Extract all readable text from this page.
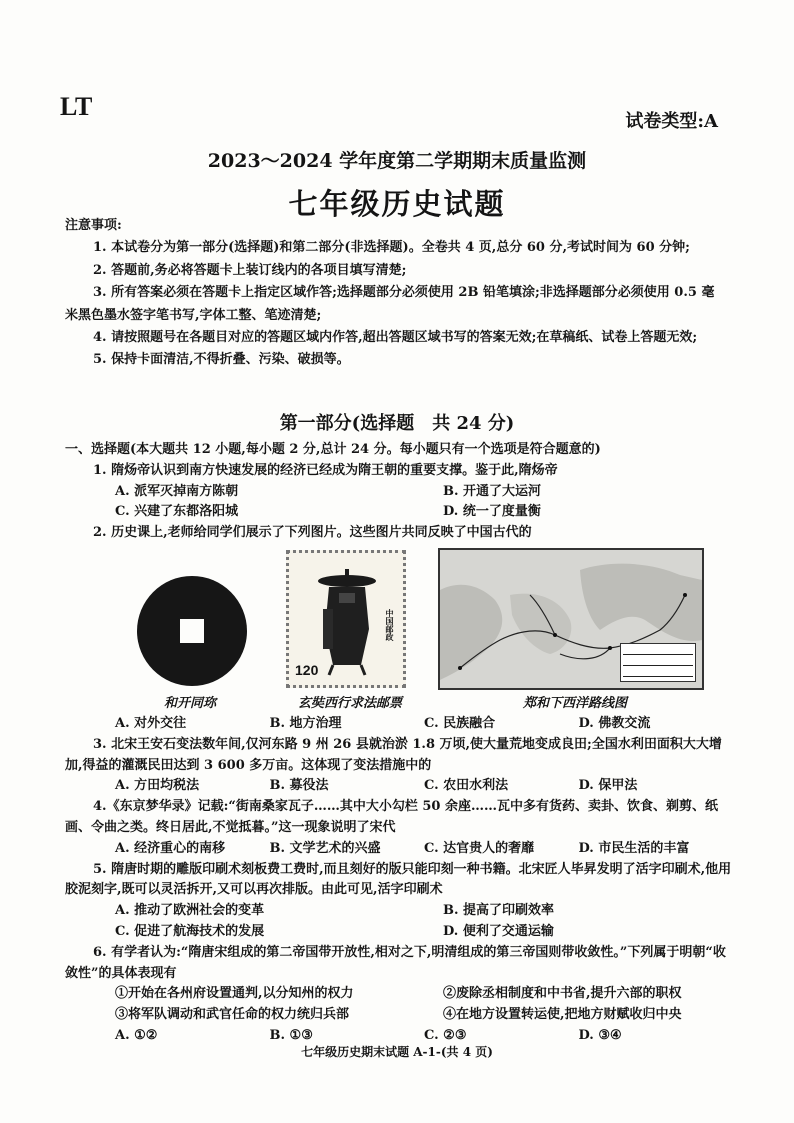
LT
试卷类型:A
2023～2024 学年度第二学期期末质量监测
七年级历史试题

注意事项:

1. 本试卷分为第一部分(选择题)和第二部分(非选择题)。全卷共 4 页,总分 60 分,考试时间为 60 分钟;

2. 答题前,务必将答题卡上装订线内的各项目填写清楚;

3. 所有答案必须在答题卡上指定区域作答;选择题部分必须使用 2B 铅笔填涂;非选择题部分必须使用 0.5 毫米黑色墨水签字笔书写,字体工整、笔迹清楚;

4. 请按照题号在各题目对应的答题区域内作答,超出答题区域书写的答案无效;在草稿纸、试卷上答题无效;

5. 保持卡面清洁,不得折叠、污染、破损等。

第一部分(选择题　共 24 分)

一、选择题(本大题共 12 小题,每小题 2 分,总计 24 分。每小题只有一个选项是符合题意的)

1. 隋炀帝认识到南方快速发展的经济已经成为隋王朝的重要支撑。鉴于此,隋炀帝

A. 派军灭掉南方陈朝	B. 开通了大运河
C. 兴建了东都洛阳城	D. 统一了度量衡

2. 历史课上,老师给同学们展示了下列图片。这些图片共同反映了中国古代的

中国邮政
120
和开同珎	玄奘西行求法邮票	郑和下西洋路线图
A. 对外交往	B. 地方治理	C. 民族融合	D. 佛教交流

3. 北宋王安石变法数年间,仅河东路 9 州 26 县就治淤 1.8 万顷,使大量荒地变成良田;全国水利田面积大大增加,得益的灌溉民田达到 3 600 多万亩。这体现了变法措施中的

A. 方田均税法	B. 募役法	C. 农田水利法	D. 保甲法

4.《东京梦华录》记载:“街南桑家瓦子……其中大小勾栏 50 余座……瓦中多有货药、卖卦、饮食、剃剪、纸画、令曲之类。终日居此,不觉抵暮。”这一现象说明了宋代

A. 经济重心的南移	B. 文学艺术的兴盛	C. 达官贵人的奢靡	D. 市民生活的丰富

5. 隋唐时期的雕版印刷术刻板费工费时,而且刻好的版只能印刻一种书籍。北宋匠人毕昇发明了活字印刷术,他用胶泥刻字,既可以灵活拆开,又可以再次排版。由此可见,活字印刷术

A. 推动了欧洲社会的变革	B. 提高了印刷效率
C. 促进了航海技术的发展	D. 便利了交通运输

6. 有学者认为:“隋唐宋组成的第二帝国带开放性,相对之下,明清组成的第三帝国则带收敛性。”下列属于明朝“收敛性”的具体表现有

①开始在各州府设置通判,以分知州的权力	②废除丞相制度和中书省,提升六部的职权
③将军队调动和武官任命的权力统归兵部	④在地方设置转运使,把地方财赋收归中央
A. ①②	B. ①③	C. ②③	D. ③④
七年级历史期末试题 A-1-(共 4 页)
